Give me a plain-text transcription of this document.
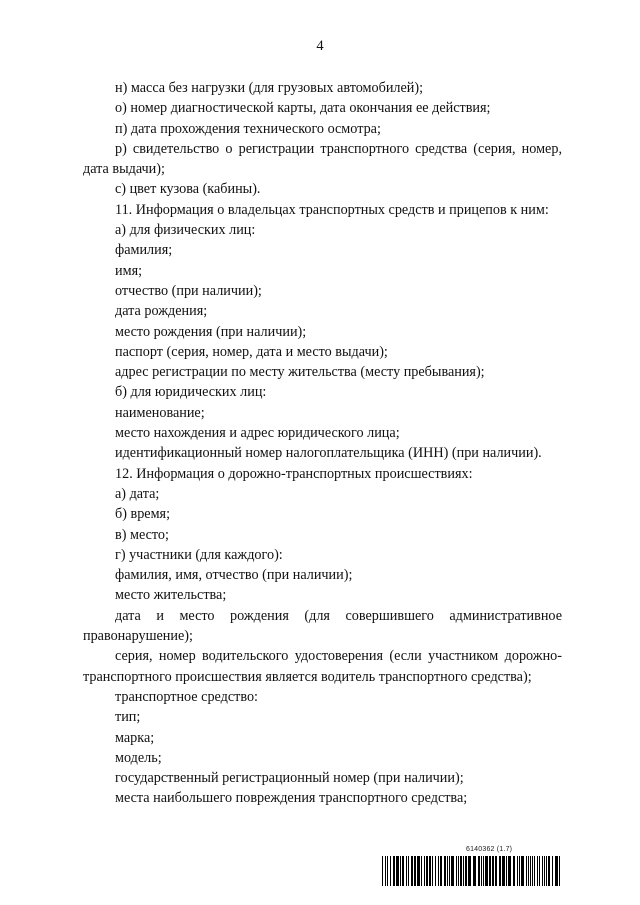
4

н) масса без нагрузки (для грузовых автомобилей);

о) номер диагностической карты, дата окончания ее действия;

п) дата прохождения технического осмотра;

р) свидетельство о регистрации транспортного средства (серия, номер, дата выдачи);

с) цвет кузова (кабины).

11. Информация о владельцах транспортных средств и прицепов к ним:

а) для физических лиц:

фамилия;

имя;

отчество (при наличии);

дата рождения;

место рождения (при наличии);

паспорт (серия, номер, дата и место выдачи);

адрес регистрации по месту жительства (месту пребывания);

б) для юридических лиц:

наименование;

место нахождения и адрес юридического лица;

идентификационный номер налогоплательщика (ИНН) (при наличии).

12. Информация о дорожно-транспортных происшествиях:

а) дата;

б) время;

в) место;

г) участники (для каждого):

фамилия, имя, отчество (при наличии);

место жительства;

дата и место рождения (для совершившего административное правонарушение);

серия, номер водительского удостоверения (если участником дорожно-транспортного происшествия является водитель транспортного средства);

транспортное средство:

тип;

марка;

модель;

государственный регистрационный номер (при наличии);

места наибольшего повреждения транспортного средства;

6140362 (1.7)
